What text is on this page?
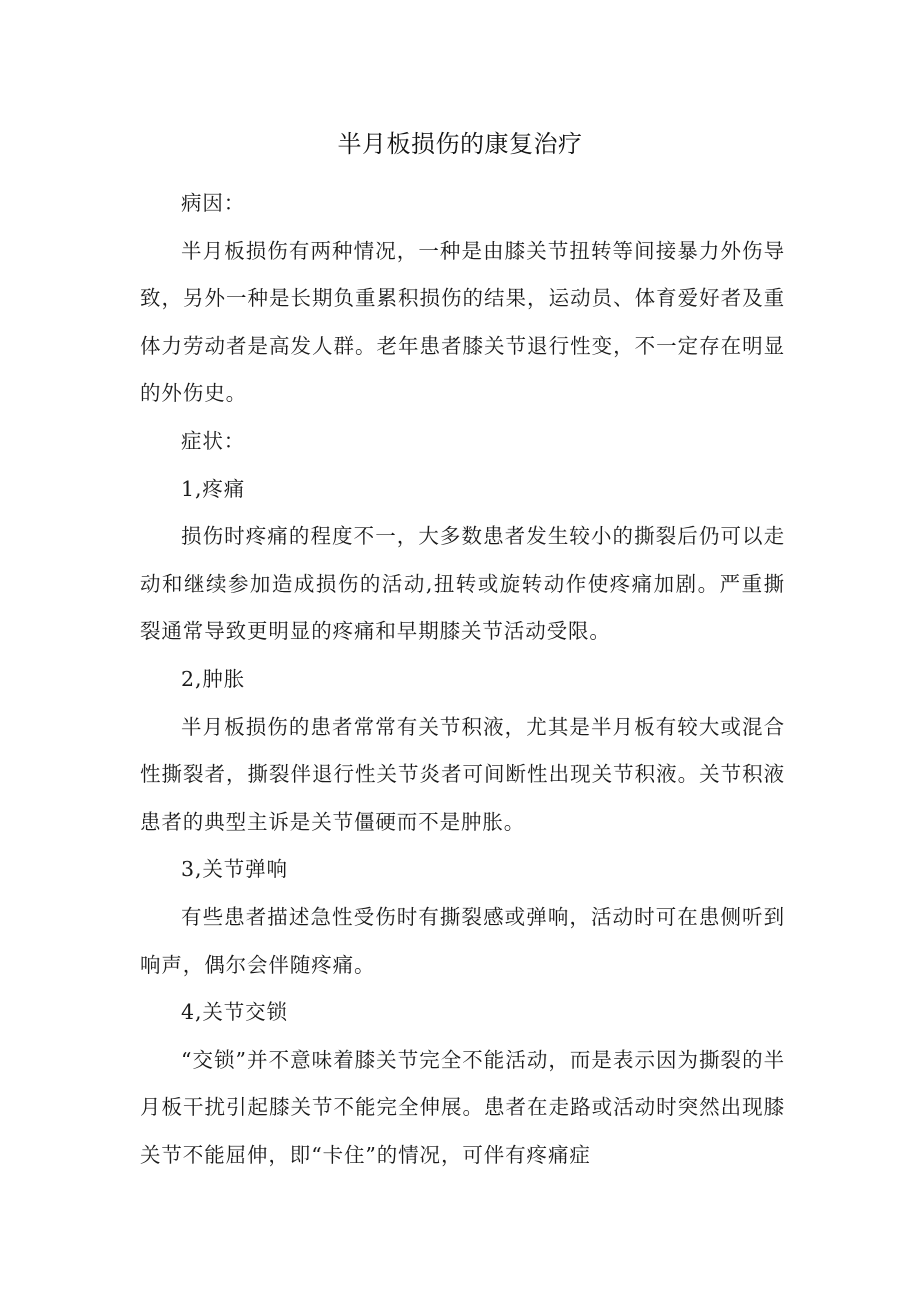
半月板损伤的康复治疗

病因：

半月板损伤有两种情况，一种是由膝关节扭转等间接暴力外伤导致，另外一种是长期负重累积损伤的结果，运动员、体育爱好者及重体力劳动者是高发人群。老年患者膝关节退行性变，不一定存在明显的外伤史。

症状：

1,疼痛

损伤时疼痛的程度不一，大多数患者发生较小的撕裂后仍可以走动和继续参加造成损伤的活动,扭转或旋转动作使疼痛加剧。严重撕裂通常导致更明显的疼痛和早期膝关节活动受限。

2,肿胀

半月板损伤的患者常常有关节积液，尤其是半月板有较大或混合性撕裂者，撕裂伴退行性关节炎者可间断性出现关节积液。关节积液患者的典型主诉是关节僵硬而不是肿胀。

3,关节弹响

有些患者描述急性受伤时有撕裂感或弹响，活动时可在患侧听到响声，偶尔会伴随疼痛。

4,关节交锁

“交锁”并不意味着膝关节完全不能活动，而是表示因为撕裂的半月板干扰引起膝关节不能完全伸展。患者在走路或活动时突然出现膝关节不能屈伸，即“卡住”的情况，可伴有疼痛症
